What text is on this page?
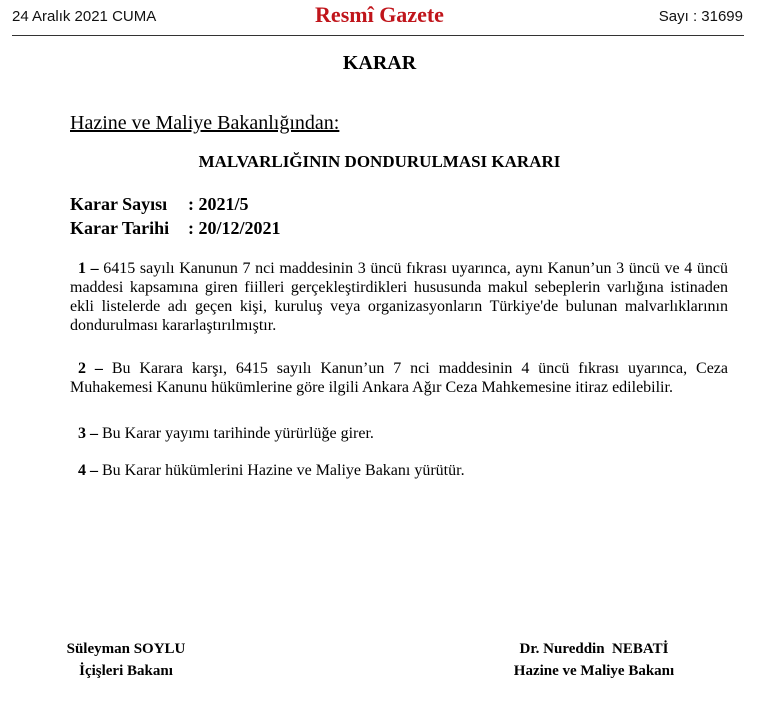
24 Aralık 2021 CUMA	Resmî Gazete	Sayı : 31699
KARAR
Hazine ve Maliye Bakanlığından:
MALVARLIĞININ DONDURULMASI KARARI
Karar Sayısı : 2021/5
Karar Tarihi : 20/12/2021

1 – 6415 sayılı Kanunun 7 nci maddesinin 3 üncü fıkrası uyarınca, aynı Kanun’un 3 üncü ve 4 üncü maddesi kapsamına giren fiilleri gerçekleştirdikleri hususunda makul sebeplerin varlığına istinaden ekli listelerde adı geçen kişi, kuruluş veya organizasyonların Türkiye'de bulunan malvarlıklarının dondurulması kararlaştırılmıştır.

2 – Bu Karara karşı, 6415 sayılı Kanun’un 7 nci maddesinin 4 üncü fıkrası uyarınca, Ceza Muhakemesi Kanunu hükümlerine göre ilgili Ankara Ağır Ceza Mahkemesine itiraz edilebilir.

3 – Bu Karar yayımı tarihinde yürürlüğe girer.

4 – Bu Karar hükümlerini Hazine ve Maliye Bakanı yürütür.

Süleyman SOYLU
İçişleri Bakanı
Dr. Nureddin  NEBATİ
Hazine ve Maliye Bakanı
